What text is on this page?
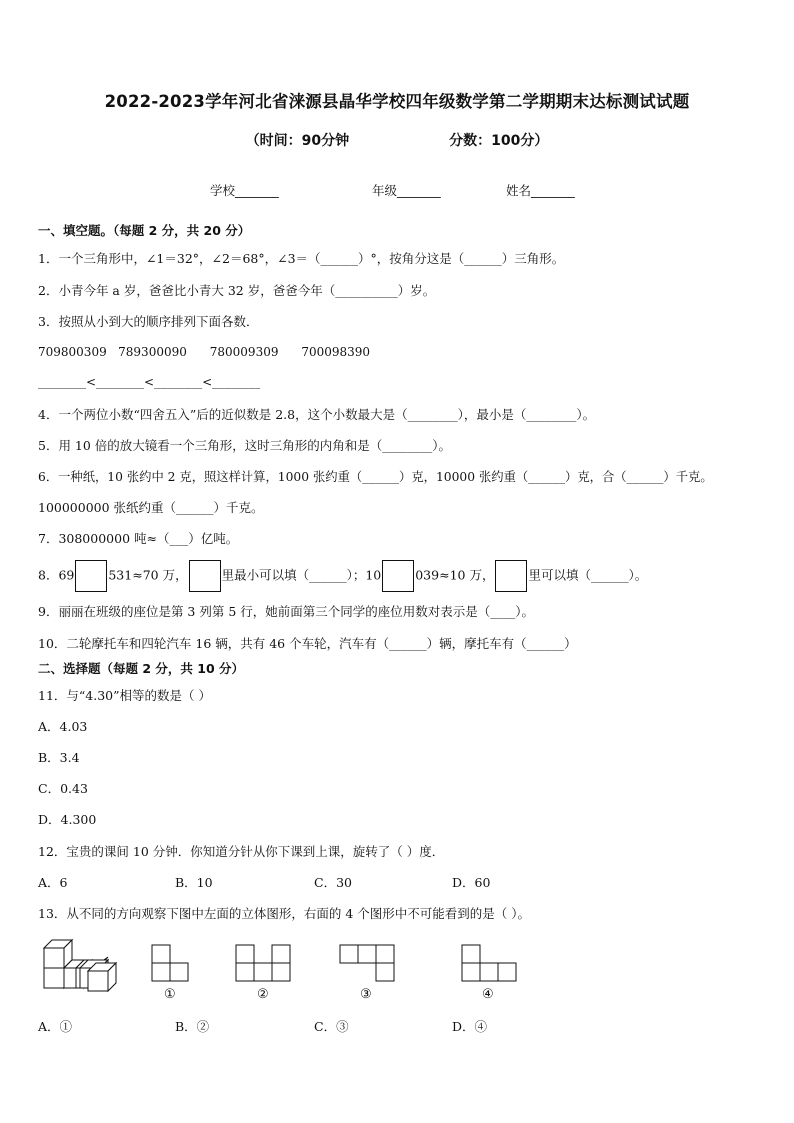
2022-2023学年河北省涞源县晶华学校四年级数学第二学期期末达标测试试题
（时间：90分钟	分数：100分）
学校_______	年级_______	姓名_______
一、填空题。（每题 2 分，共 20 分）
1．一个三角形中，∠1＝32°，∠2＝68°，∠3＝（______）°，按角分这是（______）三角形。
2．小青今年 a 岁，爸爸比小青大 32 岁，爸爸今年（__________）岁。
3．按照从小到大的顺序排列下面各数．
709800309   789300090      780009309      700098390
________<________<________<________
4．一个两位小数“四舍五入”后的近似数是 2.8，这个小数最大是（________），最小是（________）。
5．用 10 倍的放大镜看一个三角形，这时三角形的内角和是（________）。
6．一种纸，10 张约中 2 克，照这样计算，1000 张约重（______）克，10000 张约重（______）克，合（______）千克。
100000000 张纸约重（______）千克。
7．308000000 吨≈（___）亿吨。
8．69	531≈70 万，	里最小可以填（______）；10	039≈10 万，	里可以填（______）。
9．丽丽在班级的座位是第 3 列第 5 行，她前面第三个同学的座位用数对表示是（____）。
10．二轮摩托车和四轮汽车 16 辆，共有 46 个车轮，汽车有（______）辆，摩托车有（______）
二、选择题（每题 2 分，共 10 分）
11．与“4.30”相等的数是（ ）
A．4.03
B．3.4
C．0.43
D．4.300
12．宝贵的课间 10 分钟．你知道分针从你下课到上课，旋转了（ ）度．
A．6	B．10	C．30	D．60
13．从不同的方向观察下图中左面的立体图形，右面的 4 个图形中不可能看到的是（ ）。
①	②	③	④
A．①	B．②	C．③	D．④
